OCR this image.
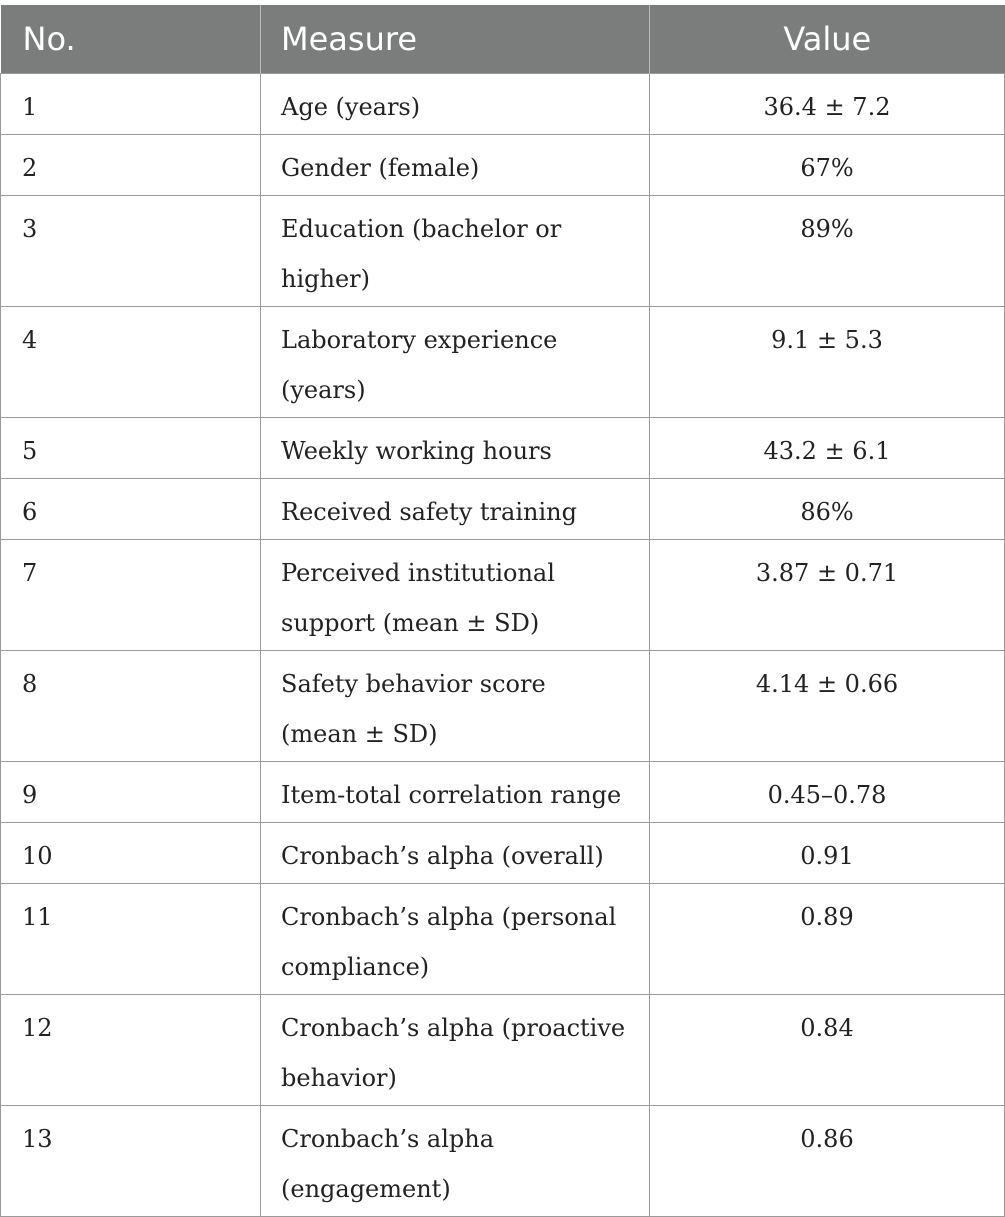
No.	Measure	Value
1	Age (years)	36.4 ± 7.2
2	Gender (female)	67%
3	Education (bachelor or higher)	89%
4	Laboratory experience (years)	9.1 ± 5.3
5	Weekly working hours	43.2 ± 6.1
6	Received safety training	86%
7	Perceived institutional support (mean ± SD)	3.87 ± 0.71
8	Safety behavior score (mean ± SD)	4.14 ± 0.66
9	Item-total correlation range	0.45–0.78
10	Cronbach’s alpha (overall)	0.91
11	Cronbach’s alpha (personal compliance)	0.89
12	Cronbach’s alpha (proactive behavior)	0.84
13	Cronbach’s alpha (engagement)	0.86
